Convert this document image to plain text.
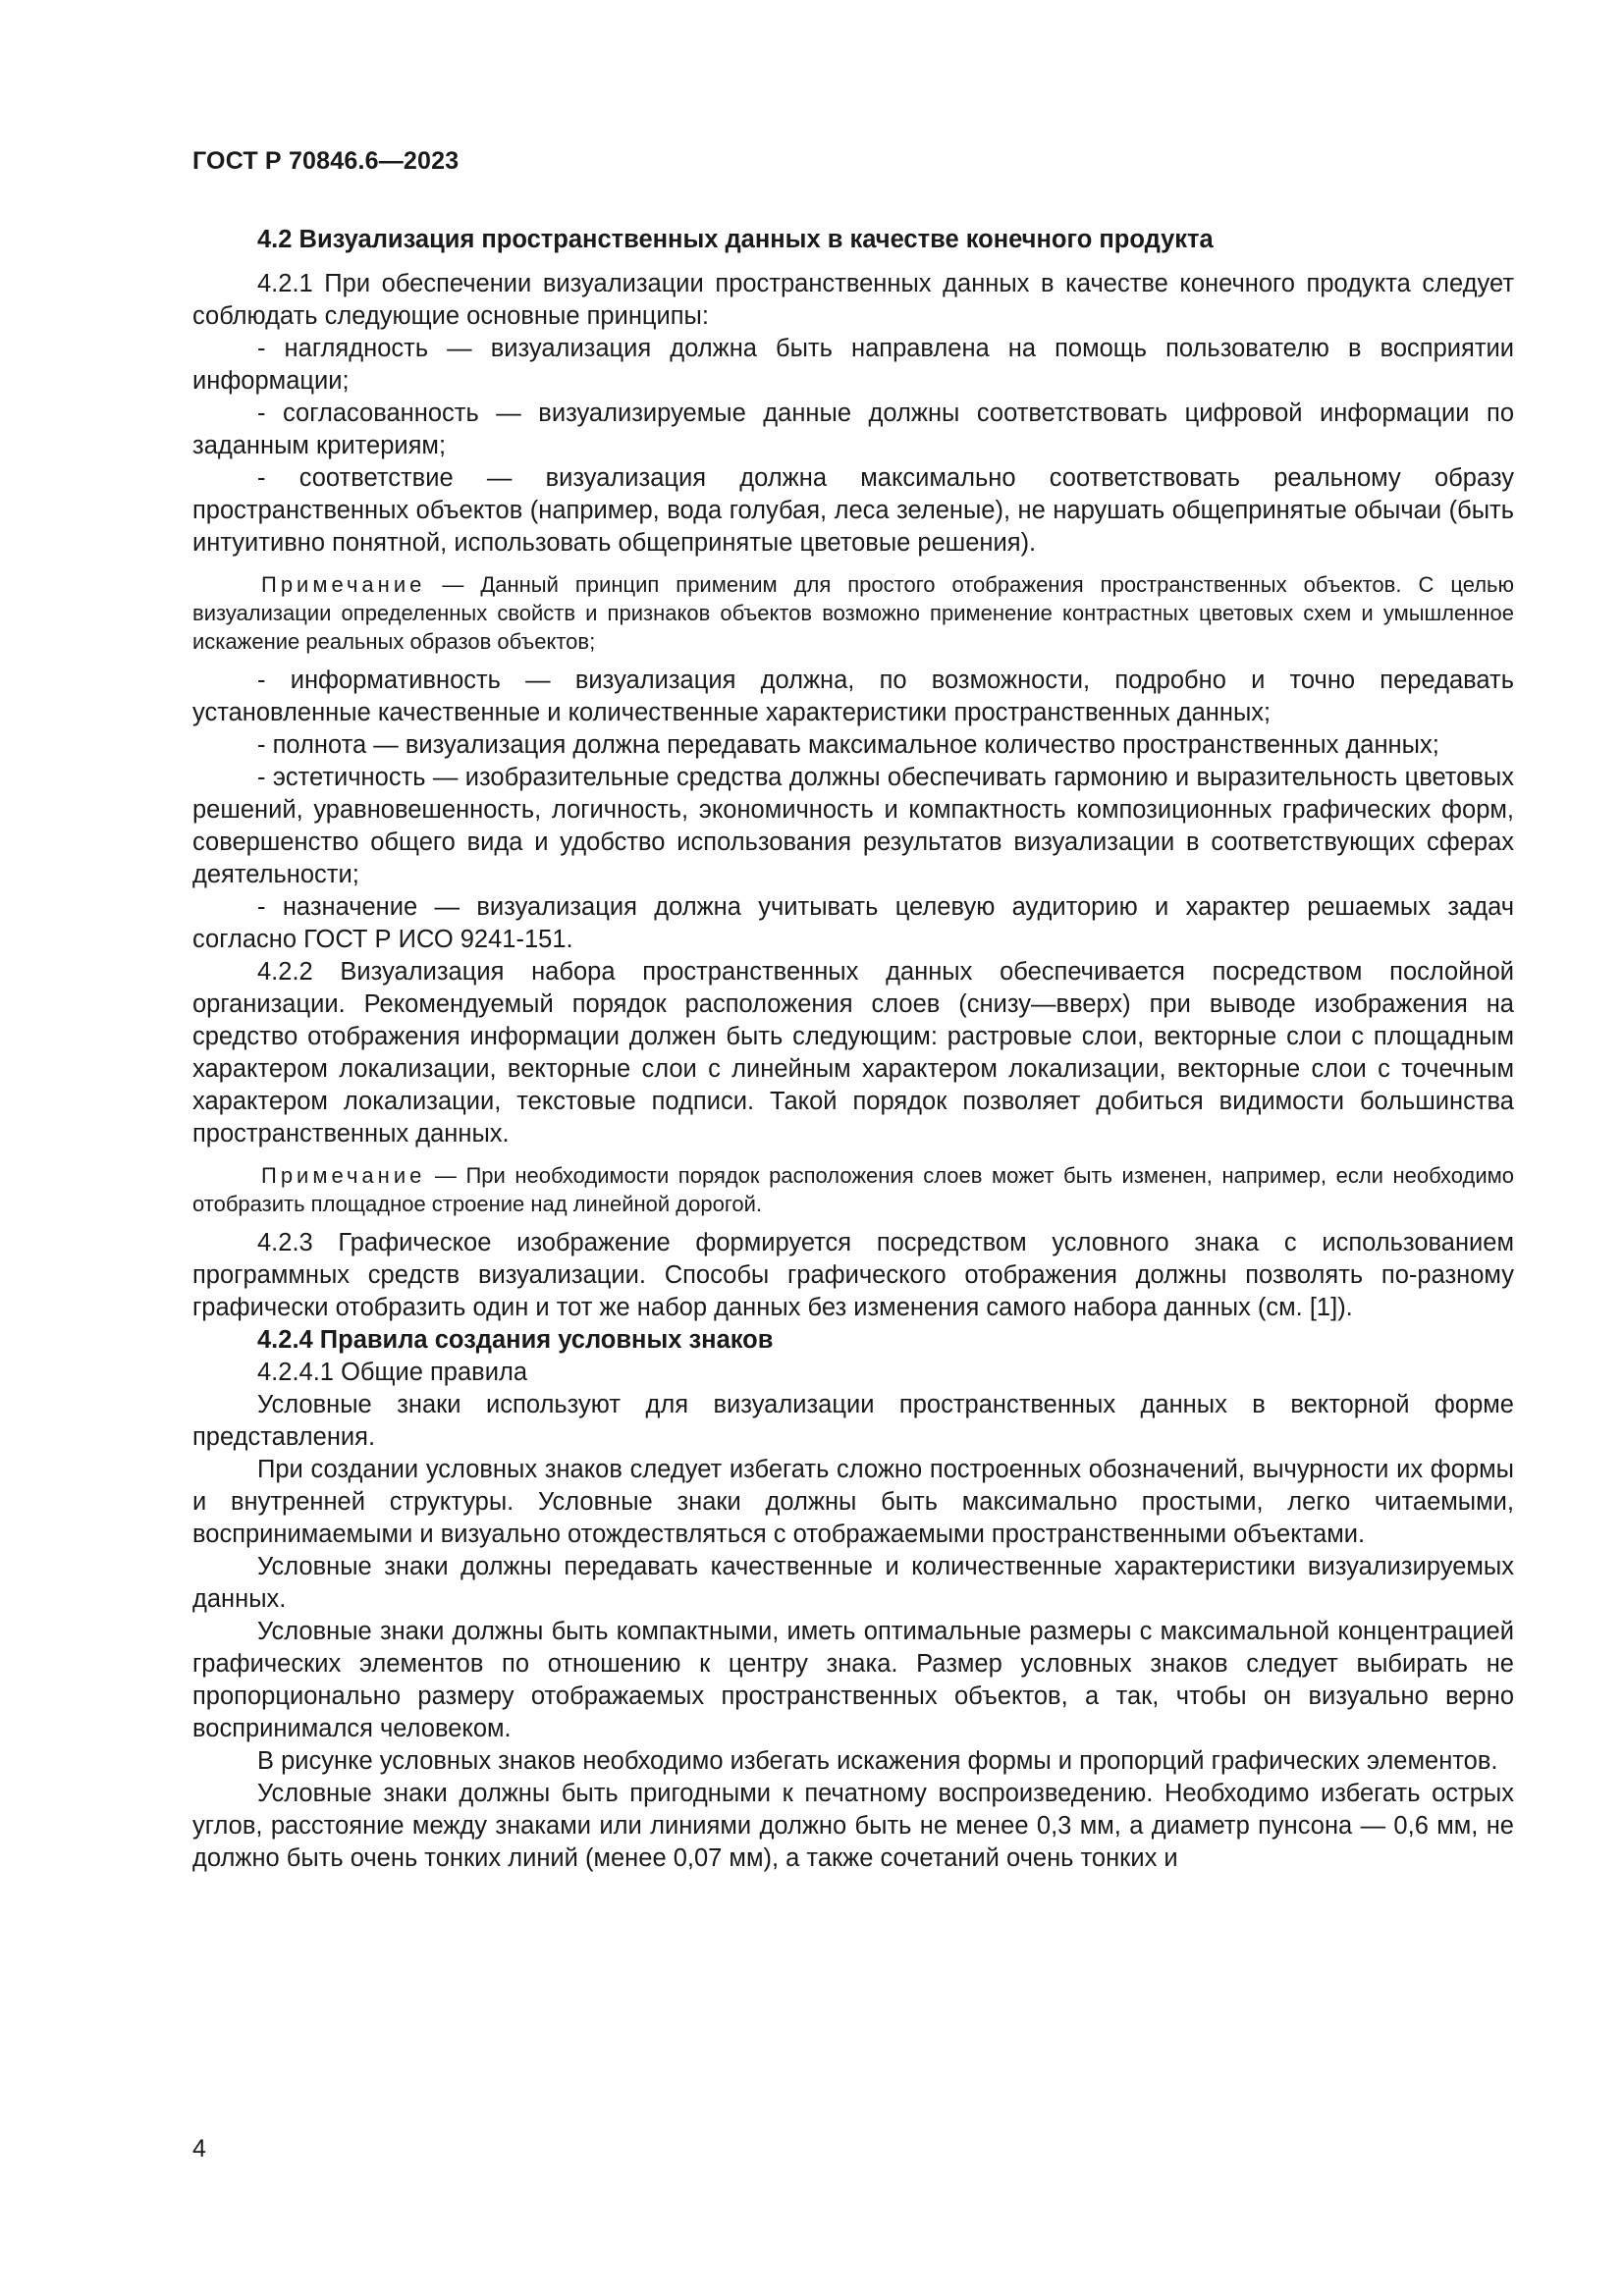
ГОСТ Р 70846.6—2023

4.2 Визуализация пространственных данных в качестве конечного продукта

4.2.1 При обеспечении визуализации пространственных данных в качестве конечного продукта следует соблюдать следующие основные принципы:

- наглядность — визуализация должна быть направлена на помощь пользователю в восприятии информации;

- согласованность — визуализируемые данные должны соответствовать цифровой информации по заданным критериям;

- соответствие — визуализация должна максимально соответствовать реальному образу пространственных объектов (например, вода голубая, леса зеленые), не нарушать общепринятые обычаи (быть интуитивно понятной, использовать общепринятые цветовые решения).

Примечание — Данный принцип применим для простого отображения пространственных объектов. С целью визуализации определенных свойств и признаков объектов возможно применение контрастных цветовых схем и умышленное искажение реальных образов объектов;

- информативность — визуализация должна, по возможности, подробно и точно передавать установленные качественные и количественные характеристики пространственных данных;

- полнота — визуализация должна передавать максимальное количество пространственных данных;

- эстетичность — изобразительные средства должны обеспечивать гармонию и выразительность цветовых решений, уравновешенность, логичность, экономичность и компактность композиционных графических форм, совершенство общего вида и удобство использования результатов визуализации в соответствующих сферах деятельности;

- назначение — визуализация должна учитывать целевую аудиторию и характер решаемых задач согласно ГОСТ Р ИСО 9241-151.

4.2.2 Визуализация набора пространственных данных обеспечивается посредством послойной организации. Рекомендуемый порядок расположения слоев (снизу—вверх) при выводе изображения на средство отображения информации должен быть следующим: растровые слои, векторные слои с площадным характером локализации, векторные слои с линейным характером локализации, векторные слои с точечным характером локализации, текстовые подписи. Такой порядок позволяет добиться видимости большинства пространственных данных.

Примечание — При необходимости порядок расположения слоев может быть изменен, например, если необходимо отобразить площадное строение над линейной дорогой.

4.2.3 Графическое изображение формируется посредством условного знака с использованием программных средств визуализации. Способы графического отображения должны позволять по-разному графически отобразить один и тот же набор данных без изменения самого набора данных (см. [1]).

4.2.4 Правила создания условных знаков

4.2.4.1 Общие правила

Условные знаки используют для визуализации пространственных данных в векторной форме представления.

При создании условных знаков следует избегать сложно построенных обозначений, вычурности их формы и внутренней структуры. Условные знаки должны быть максимально простыми, легко читаемыми, воспринимаемыми и визуально отождествляться с отображаемыми пространственными объектами.

Условные знаки должны передавать качественные и количественные характеристики визуализируемых данных.

Условные знаки должны быть компактными, иметь оптимальные размеры с максимальной концентрацией графических элементов по отношению к центру знака. Размер условных знаков следует выбирать не пропорционально размеру отображаемых пространственных объектов, а так, чтобы он визуально верно воспринимался человеком.

В рисунке условных знаков необходимо избегать искажения формы и пропорций графических элементов.

Условные знаки должны быть пригодными к печатному воспроизведению. Необходимо избегать острых углов, расстояние между знаками или линиями должно быть не менее 0,3 мм, а диаметр пунсона — 0,6 мм, не должно быть очень тонких линий (менее 0,07 мм), а также сочетаний очень тонких и

4
